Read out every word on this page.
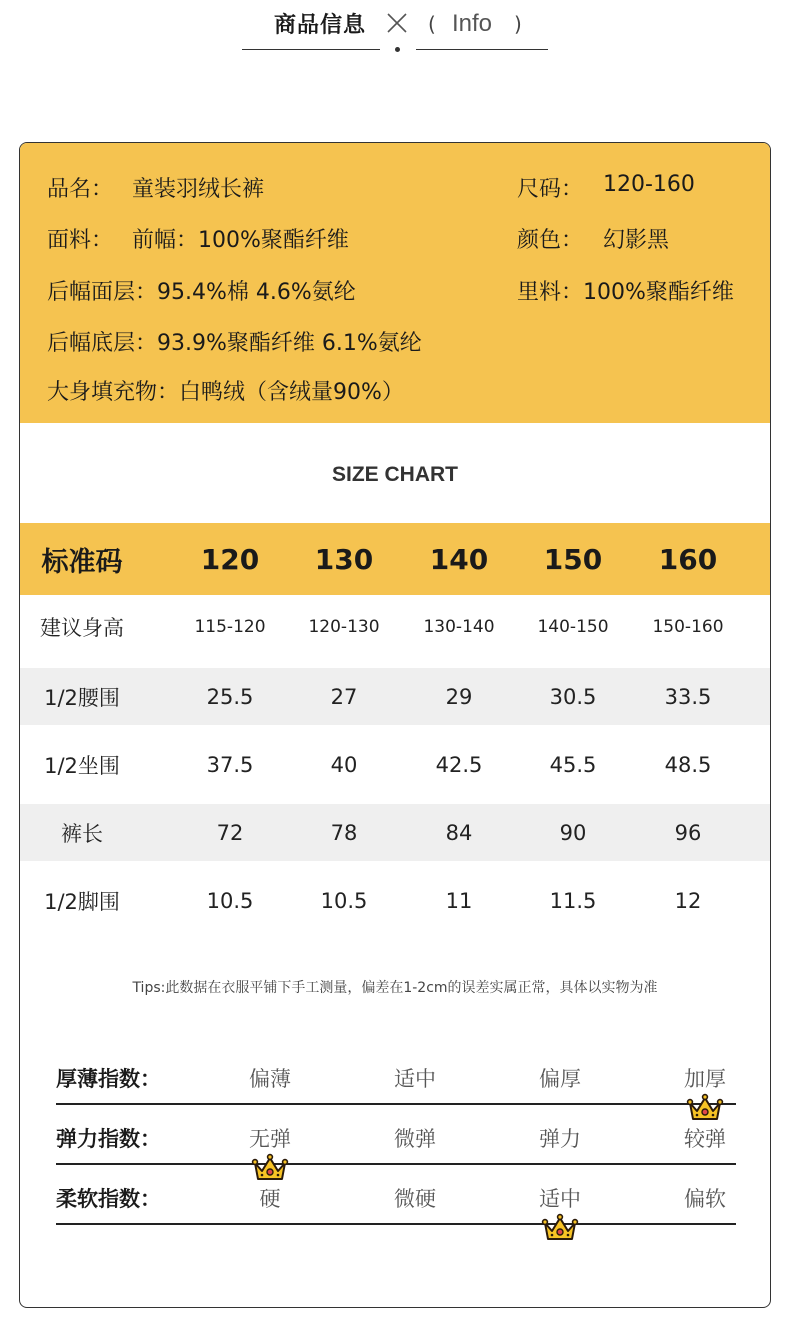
商品信息	( Info )
品名： 童装羽绒长裤	尺码： 120-160
面料： 前幅：100%聚酯纤维	颜色： 幻影黑
后幅面层：95.4%棉 4.6%氨纶	里料：100%聚酯纤维
后幅底层：93.9%聚酯纤维 6.1%氨纶
大身填充物：白鸭绒（含绒量90%）
SIZE CHART
标准码	120	130	140	150	160
建议身高	115-120	120-130	130-140	140-150	150-160
1/2腰围	25.5	27	29	30.5	33.5
1/2坐围	37.5	40	42.5	45.5	48.5
裤长	72	78	84	90	96
1/2脚围	10.5	10.5	11	11.5	12
Tips:此数据在衣服平铺下手工测量，偏差在1-2cm的误差实属正常，具体以实物为准
厚薄指数：	偏薄	适中	偏厚	加厚
弹力指数：	无弹	微弹	弹力	较弹
柔软指数：	硬	微硬	适中	偏软
